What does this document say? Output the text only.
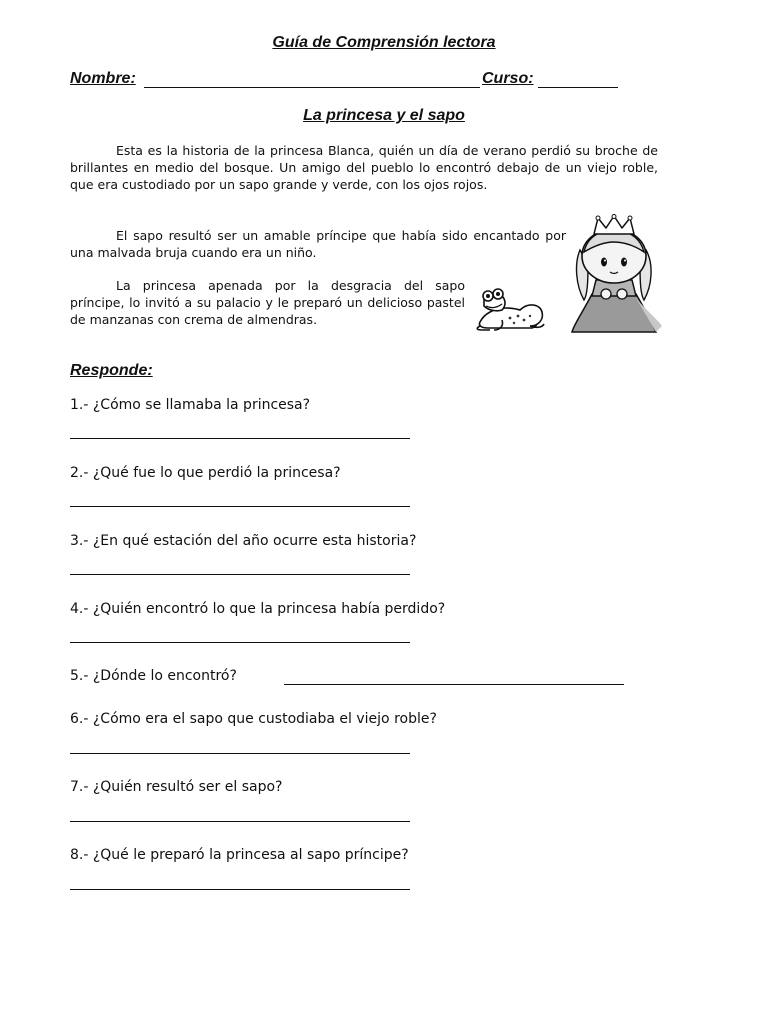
Guía de Comprensión lectora
Nombre:	Curso:
La princesa y el sapo

Esta es la historia de la princesa Blanca, quién un día de verano perdió su broche de brillantes en medio del bosque. Un amigo del pueblo lo encontró debajo de un viejo roble, que era custodiado por un sapo grande y verde, con los ojos rojos.

El sapo resultó ser un amable príncipe que había sido encantado por una malvada bruja cuando era un niño.

La princesa apenada por la desgracia del sapo príncipe, lo invitó a su palacio y le preparó un delicioso pastel de manzanas con crema de almendras.

Responde:
1.- ¿Cómo se llamaba la princesa?
2.- ¿Qué fue lo que perdió la princesa?
3.- ¿En qué estación del año ocurre esta historia?
4.- ¿Quién encontró lo que la princesa había perdido?
5.- ¿Dónde lo encontró?
6.- ¿Cómo era el sapo que custodiaba el viejo roble?
7.- ¿Quién resultó ser el sapo?
8.- ¿Qué le preparó la princesa al sapo príncipe?
